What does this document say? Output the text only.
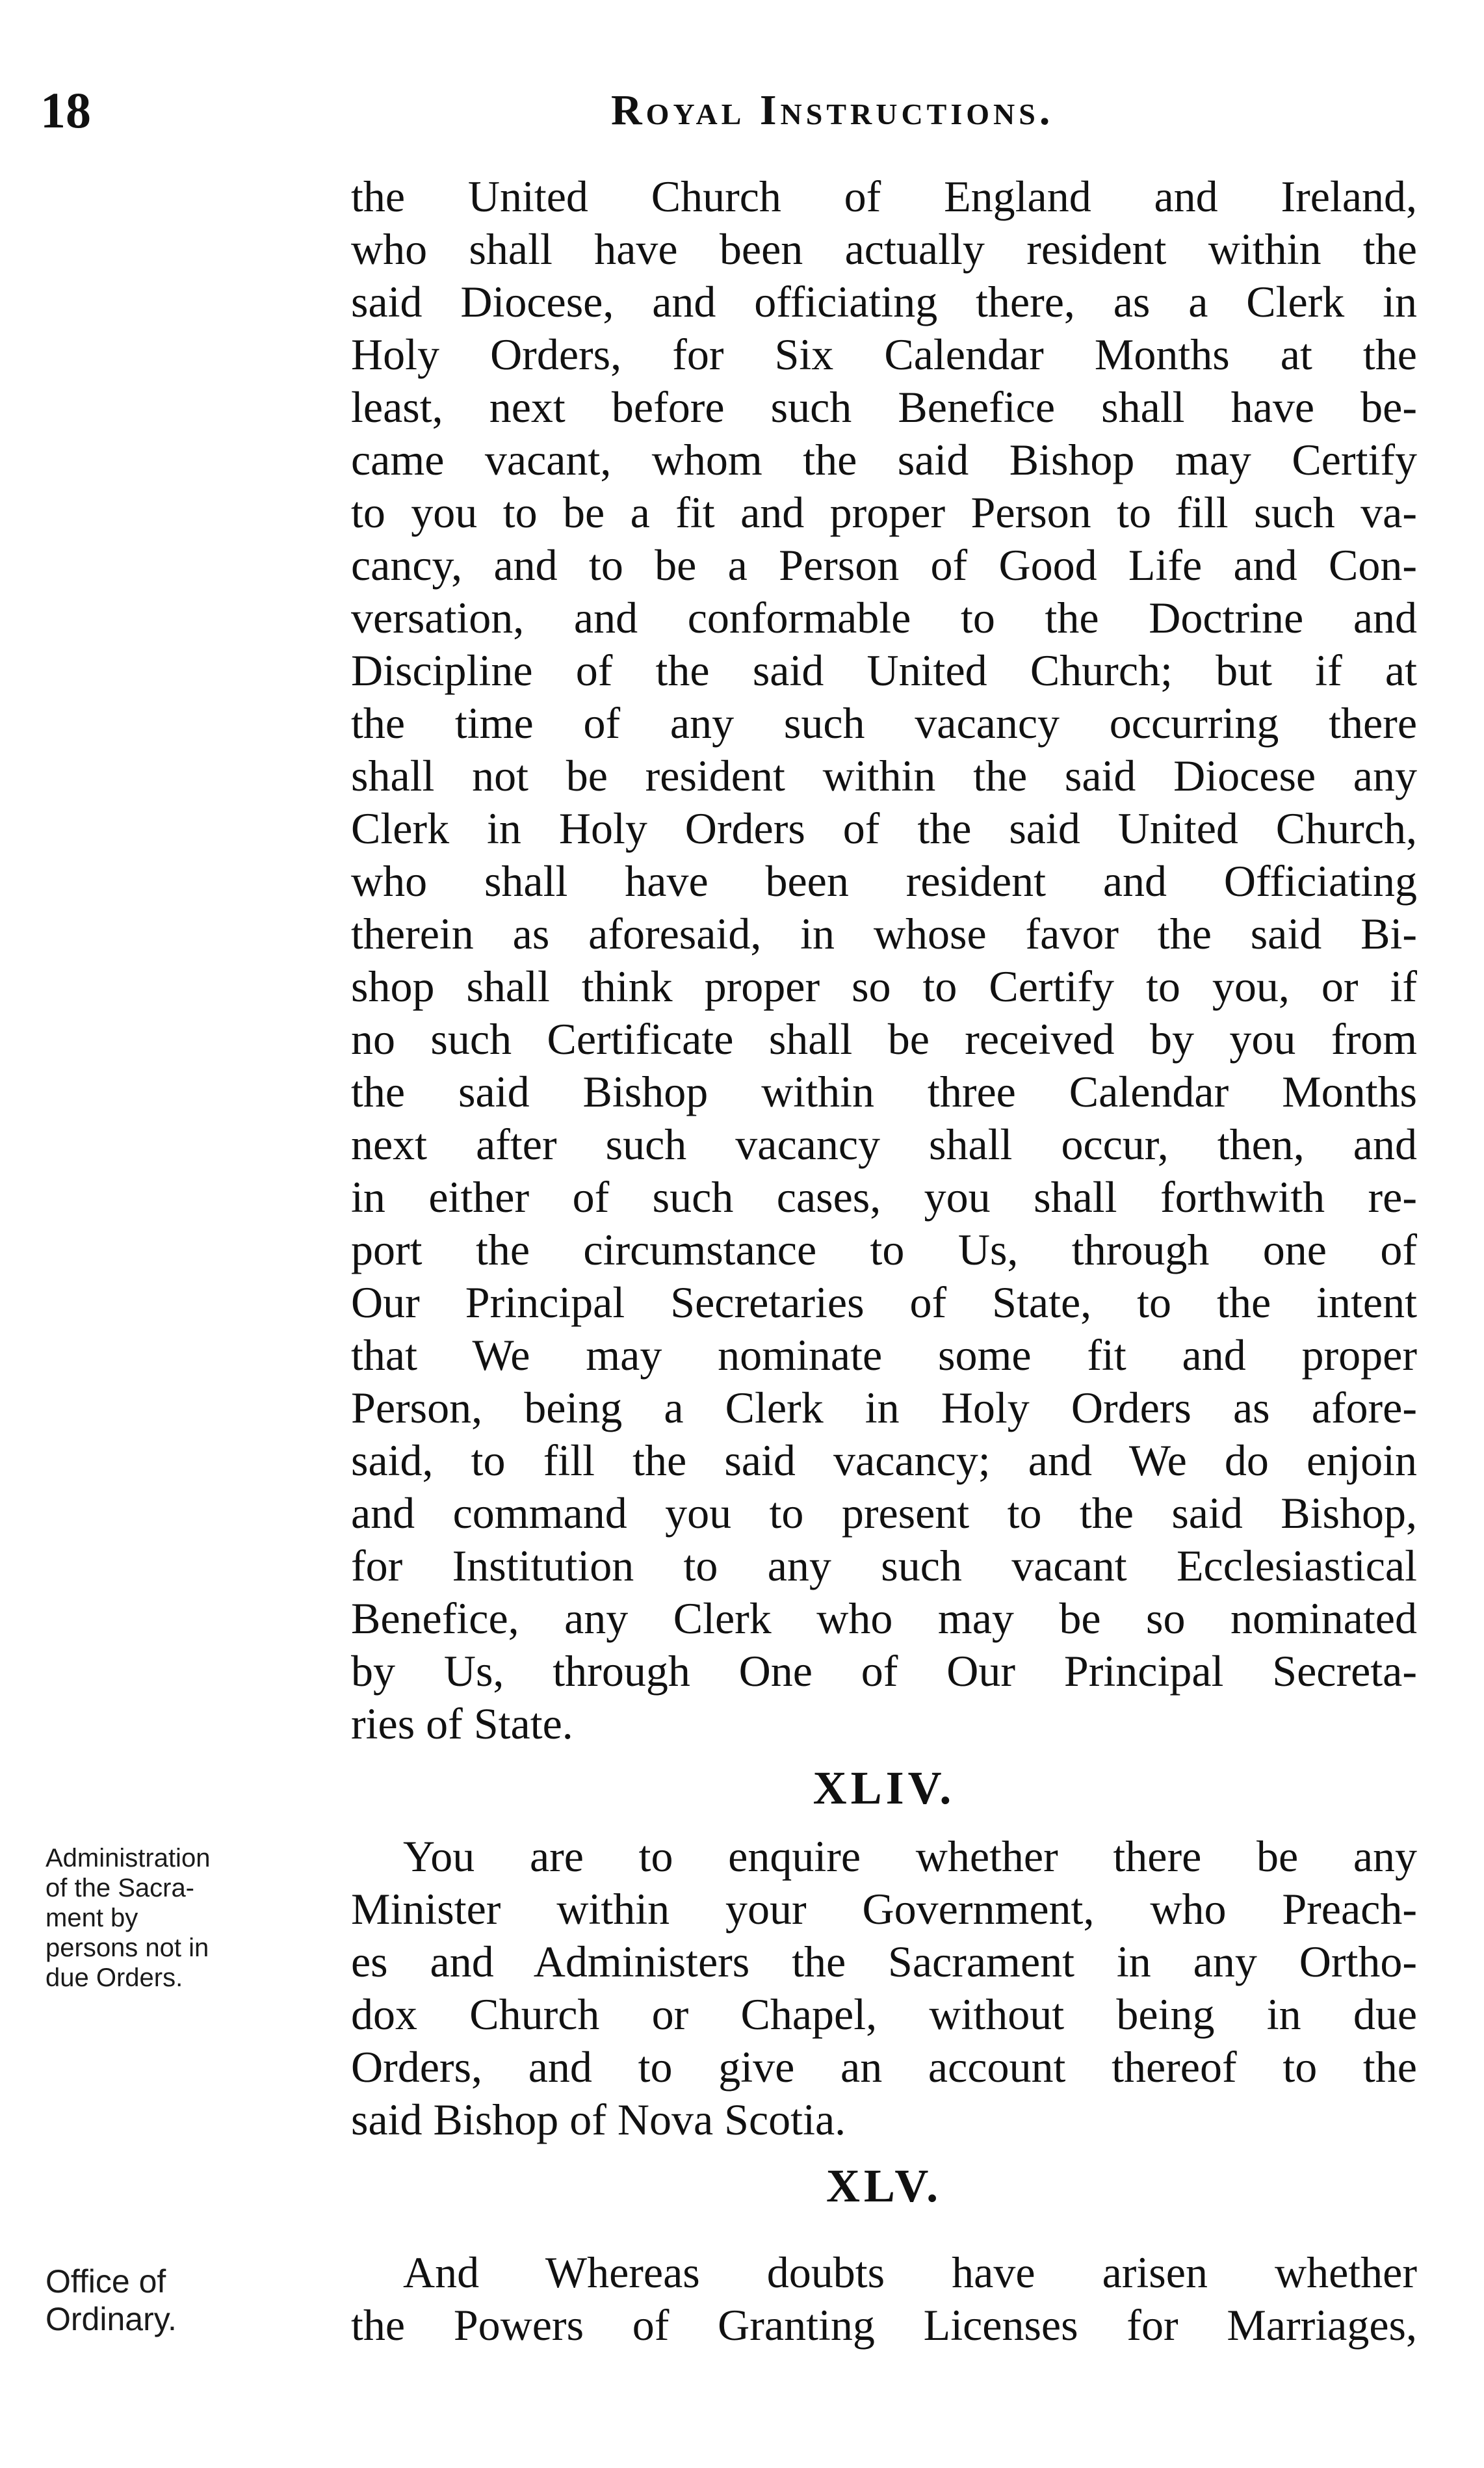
18	Royal Instructions.
the United Church of England and Ireland,
who shall have been actually resident within the
said Diocese, and officiating there, as a Clerk in
Holy Orders, for Six Calendar Months at the
least, next before such Benefice shall have be-
came vacant, whom the said Bishop may Certify
to you to be a fit and proper Person to fill such va-
cancy, and to be a Person of Good Life and Con-
versation, and conformable to the Doctrine and
Discipline of the said United Church; but if at
the time of any such vacancy occurring there
shall not be resident within the said Diocese any
Clerk in Holy Orders of the said United Church,
who shall have been resident and Officiating
therein as aforesaid, in whose favor the said Bi-
shop shall think proper so to Certify to you, or if
no such Certificate shall be received by you from
the said Bishop within three Calendar Months
next after such vacancy shall occur, then, and
in either of such cases, you shall forthwith re-
port the circumstance to Us, through one of
Our Principal Secretaries of State, to the intent
that We may nominate some fit and proper
Person, being a Clerk in Holy Orders as afore-
said, to fill the said vacancy; and We do enjoin
and command you to present to the said Bishop,
for Institution to any such vacant Ecclesiastical
Benefice, any Clerk who may be so nominated
by Us, through One of Our Principal Secreta-
ries of State.
XLIV.
Administration
of the Sacra-
ment by
persons not in
due Orders.
You are to enquire whether there be any
Minister within your Government, who Preach-
es and Administers the Sacrament in any Ortho-
dox Church or Chapel, without being in due
Orders, and to give an account thereof to the
said Bishop of Nova Scotia.
XLV.
Office of
Ordinary.
And Whereas doubts have arisen whether
the Powers of Granting Licenses for Marriages,
